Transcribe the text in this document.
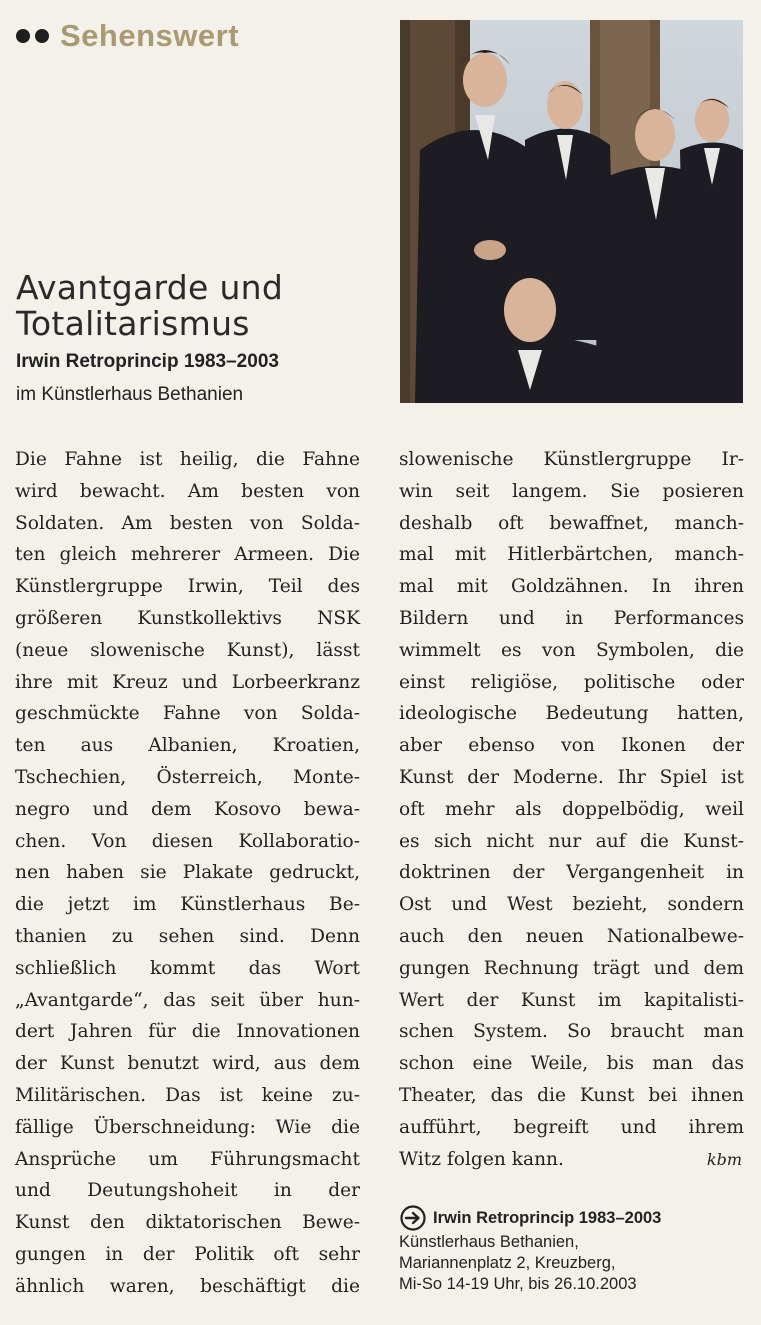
Sehenswert
Avantgarde und
Totalitarismus
Irwin Retroprincip 1983–2003
im Künstlerhaus Bethanien
Die Fahne ist heilig, die Fahne
wird bewacht. Am besten von
Soldaten. Am besten von Solda-
ten gleich mehrerer Armeen. Die
Künstlergruppe Irwin, Teil des
größeren Kunstkollektivs NSK
(neue slowenische Kunst), lässt
ihre mit Kreuz und Lorbeerkranz
geschmückte Fahne von Solda-
ten aus Albanien, Kroatien,
Tschechien, Österreich, Monte-
negro und dem Kosovo bewa-
chen. Von diesen Kollaboratio-
nen haben sie Plakate gedruckt,
die jetzt im Künstlerhaus Be-
thanien zu sehen sind. Denn
schließlich kommt das Wort
„Avantgarde“, das seit über hun-
dert Jahren für die Innovationen
der Kunst benutzt wird, aus dem
Militärischen. Das ist keine zu-
fällige Überschneidung: Wie die
Ansprüche um Führungsmacht
und Deutungshoheit in der
Kunst den diktatorischen Bewe-
gungen in der Politik oft sehr
ähnlich waren, beschäftigt die
slowenische Künstlergruppe Ir-
win seit langem. Sie posieren
deshalb oft bewaffnet, manch-
mal mit Hitlerbärtchen, manch-
mal mit Goldzähnen. In ihren
Bildern und in Performances
wimmelt es von Symbolen, die
einst religiöse, politische oder
ideologische Bedeutung hatten,
aber ebenso von Ikonen der
Kunst der Moderne. Ihr Spiel ist
oft mehr als doppelbödig, weil
es sich nicht nur auf die Kunst-
doktrinen der Vergangenheit in
Ost und West bezieht, sondern
auch den neuen Nationalbewe-
gungen Rechnung trägt und dem
Wert der Kunst im kapitalisti-
schen System. So braucht man
schon eine Weile, bis man das
Theater, das die Kunst bei ihnen
aufführt, begreift und ihrem
Witz folgen kann.	kbm
Irwin Retroprincip 1983–2003
Künstlerhaus Bethanien,
Mariannenplatz 2, Kreuzberg,
Mi-So 14-19 Uhr, bis 26.10.2003
